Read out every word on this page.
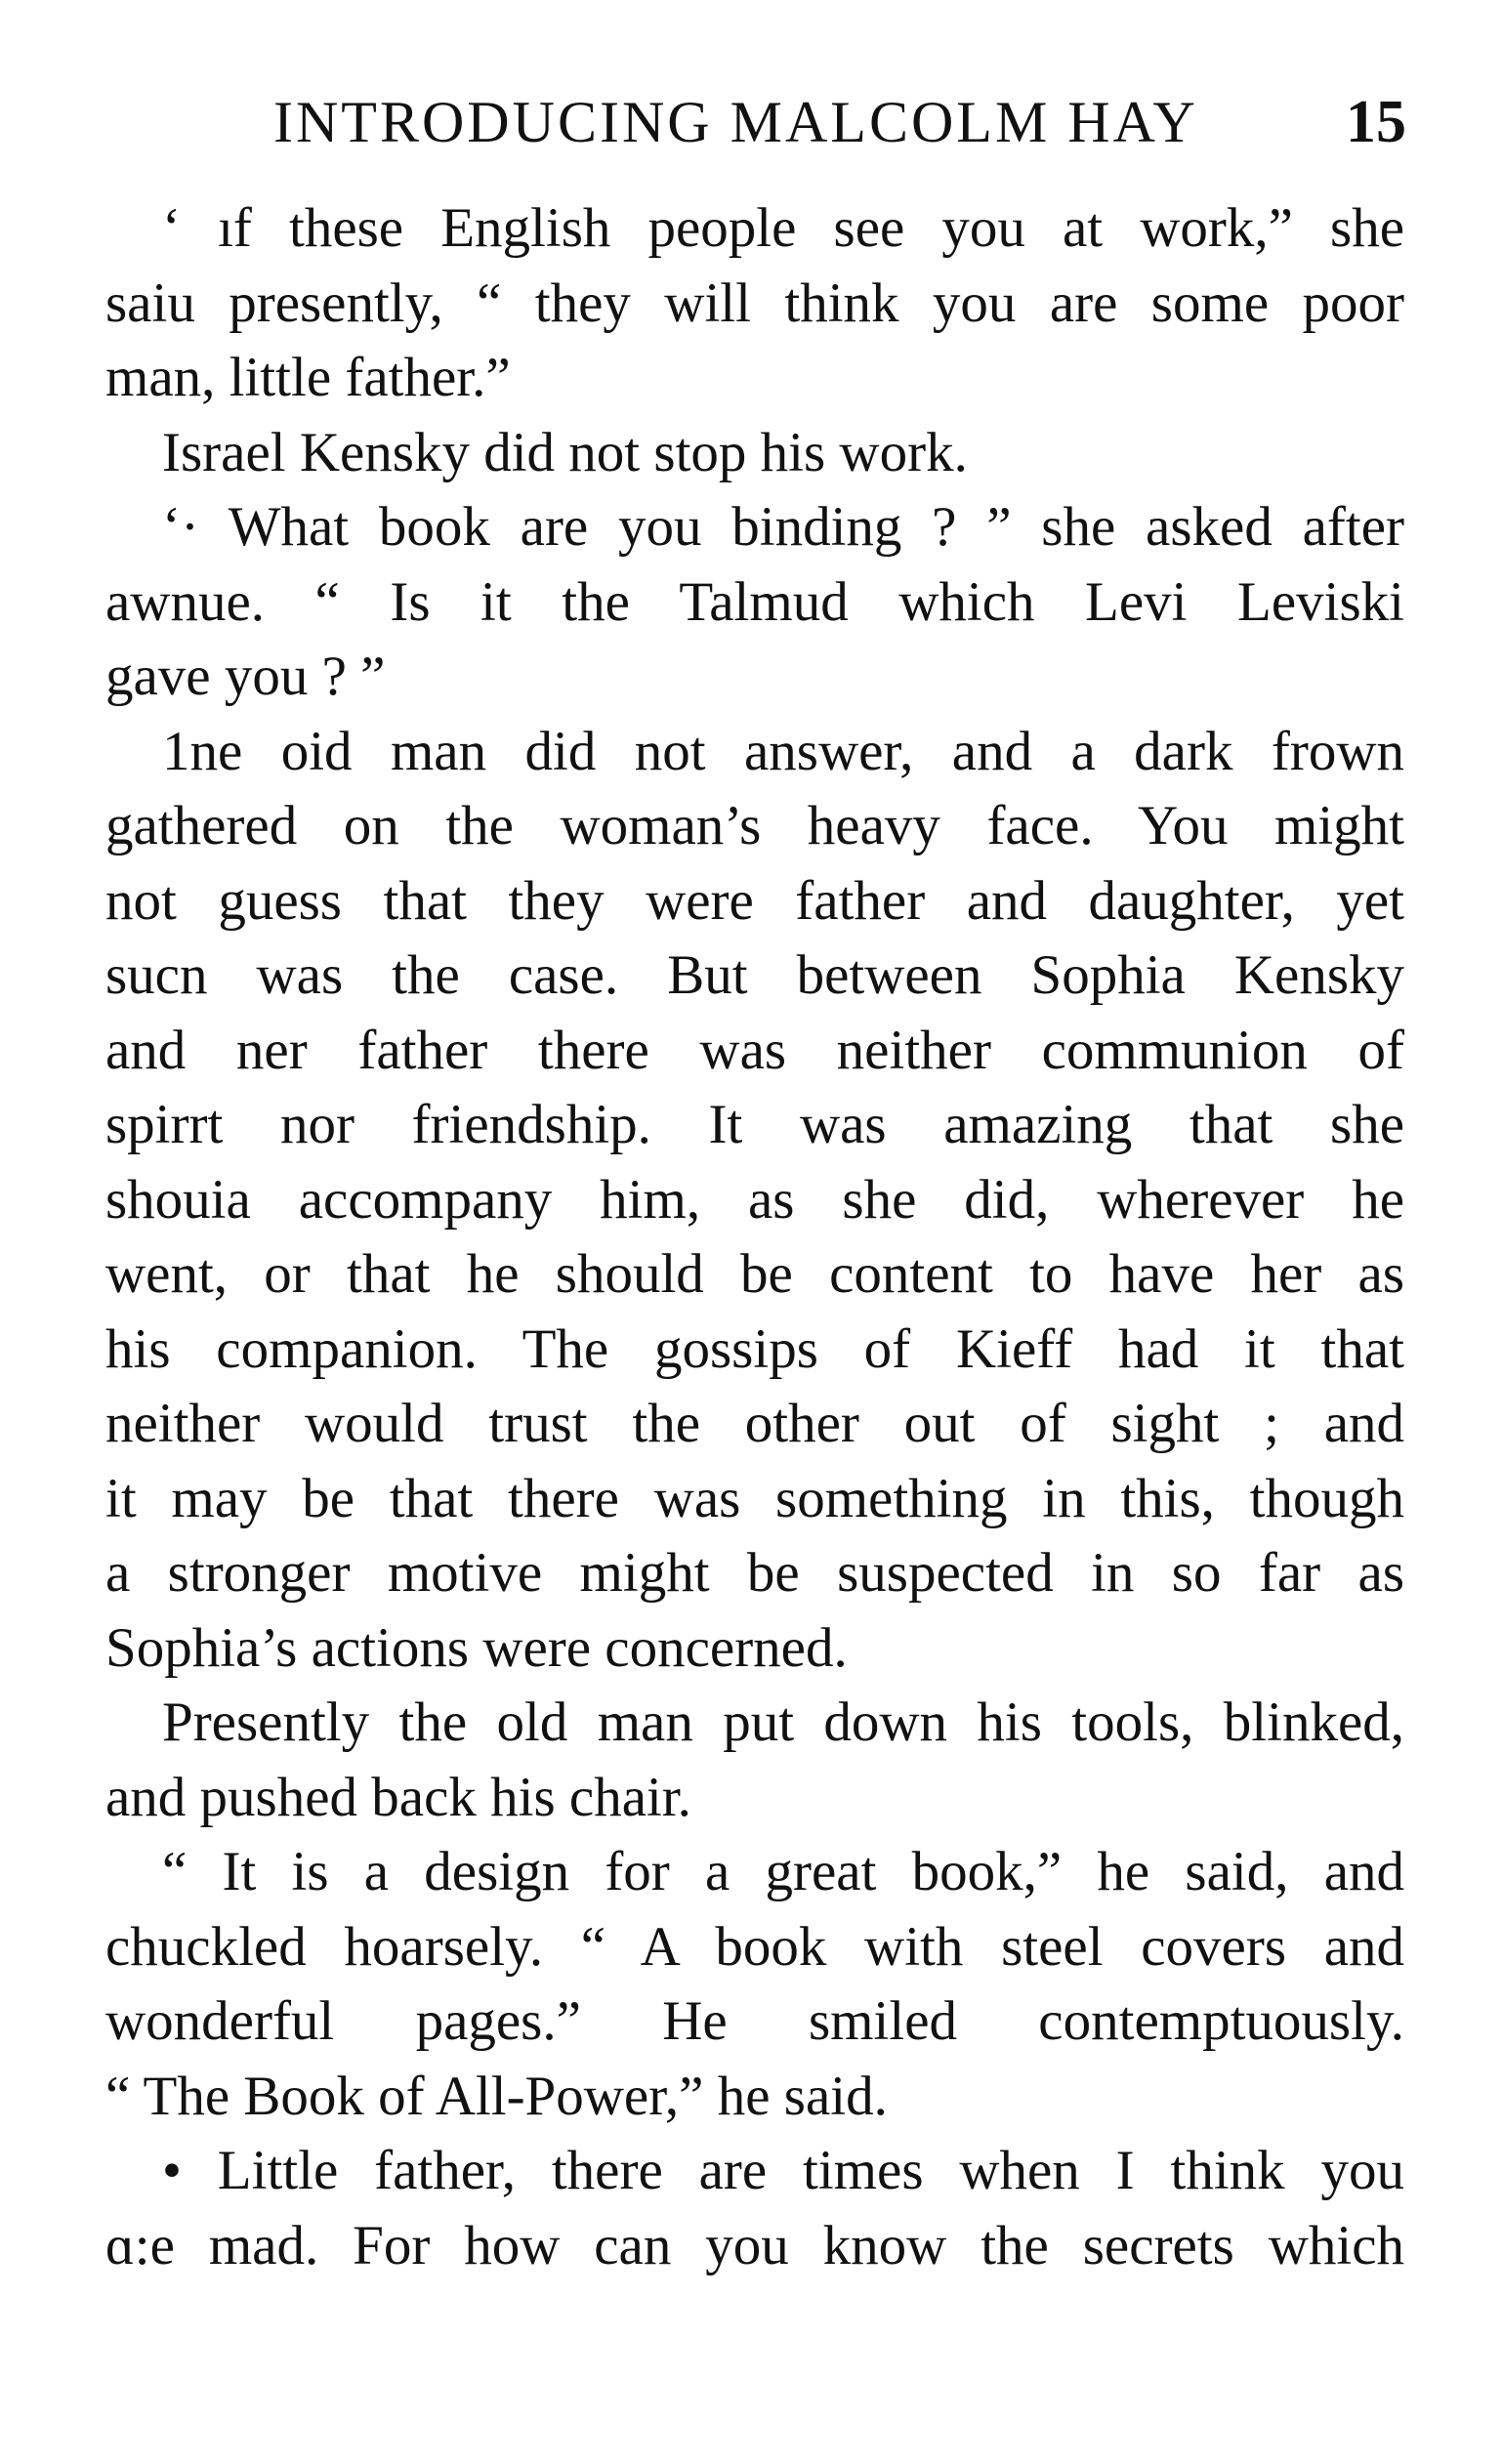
INTRODUCING MALCOLM HAY 15
‘ ıf these English people see you at work,” she
saiu presently, “ they will think you are some poor
man, little father.”
Israel Kensky did not stop his work.
‘· What book are you binding ? ” she asked after
awnue. “ Is it the Talmud which Levi Leviski
gave you ? ”
1ne oid man did not answer, and a dark frown
gathered on the woman’s heavy face. You might
not guess that they were father and daughter, yet
sucn was the case. But between Sophia Kensky
and ner father there was neither communion of
spirrt nor friendship. It was amazing that she
shouia accompany him, as she did, wherever he
went, or that he should be content to have her as
his companion. The gossips of Kieff had it that
neither would trust the other out of sight ; and
it may be that there was something in this, though
a stronger motive might be suspected in so far as
Sophia’s actions were concerned.
Presently the old man put down his tools, blinked,
and pushed back his chair.
“ It is a design for a great book,” he said, and
chuckled hoarsely. “ A book with steel covers and
wonderful pages.” He smiled contemptuously.
“ The Book of All-Power,” he said.
• Little father, there are times when I think you
ɑ:e mad. For how can you know the secrets which
